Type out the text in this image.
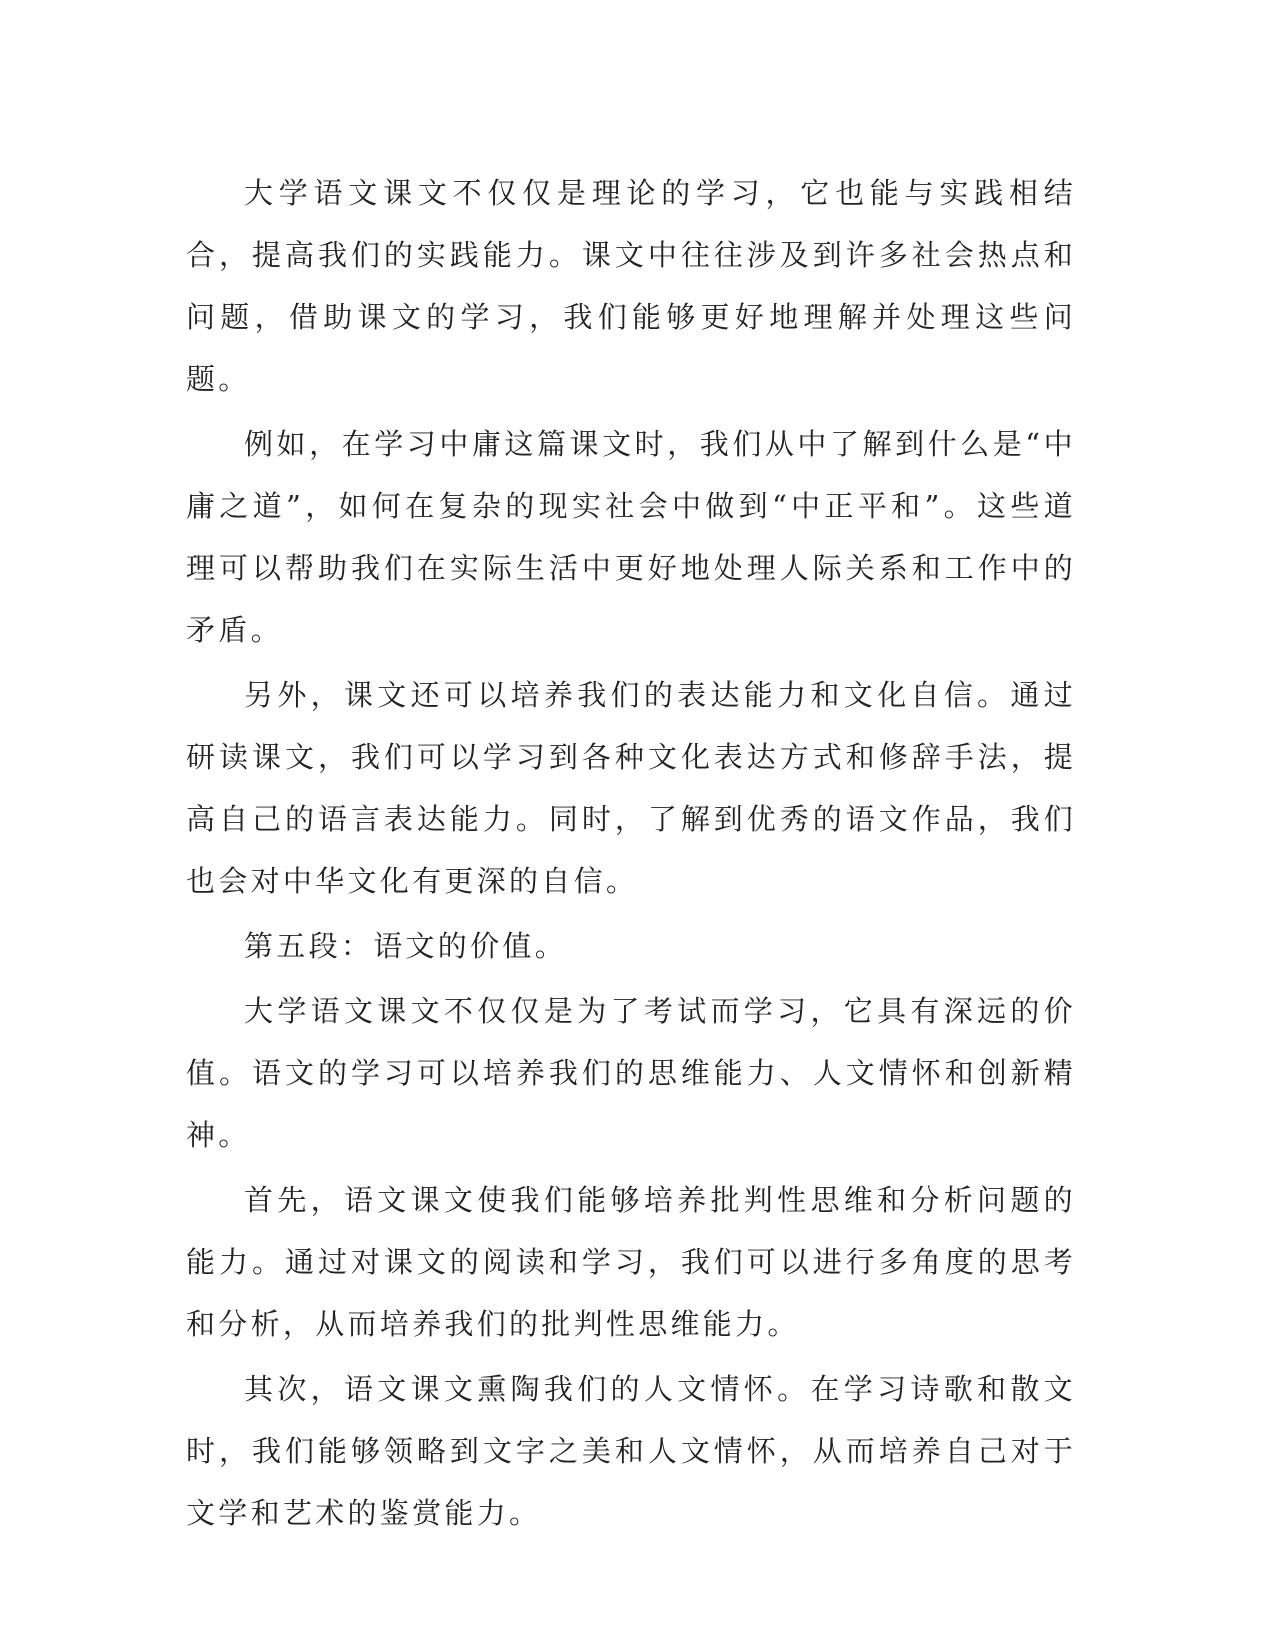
大学语文课文不仅仅是理论的学习，它也能与实践相结合，提高我们的实践能力。课文中往往涉及到许多社会热点和问题，借助课文的学习，我们能够更好地理解并处理这些问题。

例如，在学习中庸这篇课文时，我们从中了解到什么是“中庸之道”，如何在复杂的现实社会中做到“中正平和”。这些道理可以帮助我们在实际生活中更好地处理人际关系和工作中的矛盾。

另外，课文还可以培养我们的表达能力和文化自信。通过研读课文，我们可以学习到各种文化表达方式和修辞手法，提高自己的语言表达能力。同时，了解到优秀的语文作品，我们也会对中华文化有更深的自信。

第五段：语文的价值。

大学语文课文不仅仅是为了考试而学习，它具有深远的价值。语文的学习可以培养我们的思维能力、人文情怀和创新精神。

首先，语文课文使我们能够培养批判性思维和分析问题的能力。通过对课文的阅读和学习，我们可以进行多角度的思考和分析，从而培养我们的批判性思维能力。

其次，语文课文熏陶我们的人文情怀。在学习诗歌和散文时，我们能够领略到文字之美和人文情怀，从而培养自己对于文学和艺术的鉴赏能力。
